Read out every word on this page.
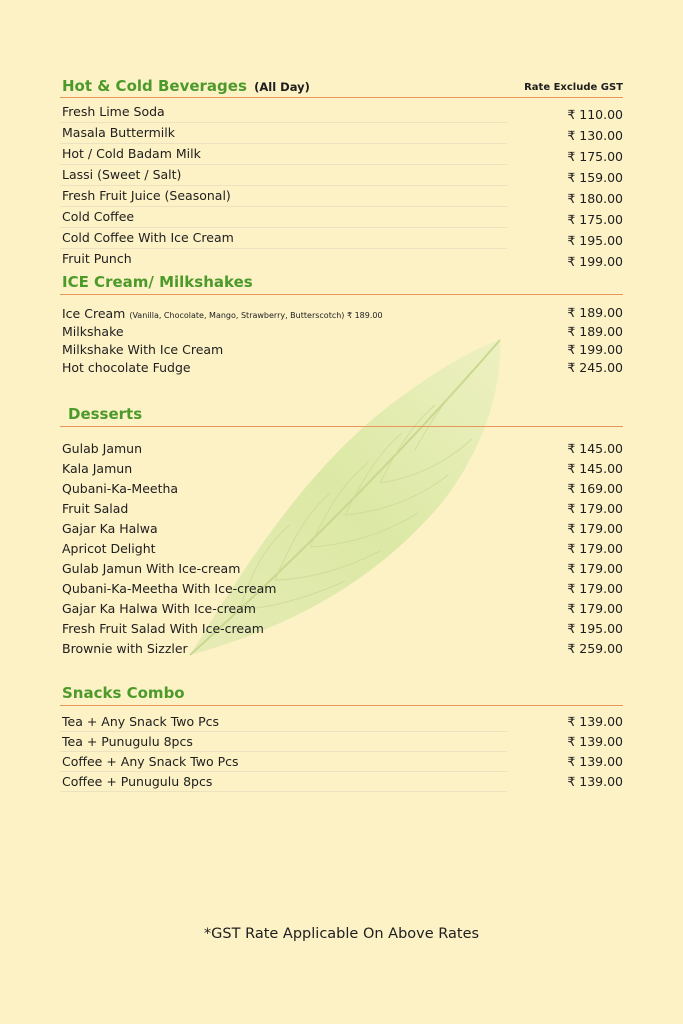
Hot & Cold Beverages (All Day)	Rate Exclude GST
Fresh Lime Soda	₹ 110.00
Masala Buttermilk	₹ 130.00
Hot / Cold Badam Milk	₹ 175.00
Lassi (Sweet / Salt)	₹ 159.00
Fresh Fruit Juice (Seasonal)	₹ 180.00
Cold Coffee	₹ 175.00
Cold Coffee With Ice Cream	₹ 195.00
Fruit Punch	₹ 199.00
ICE Cream/ Milkshakes
Ice Cream (Vanilla, Chocolate, Mango, Strawberry, Butterscotch) ₹ 189.00	₹ 189.00
Milkshake	₹ 189.00
Milkshake With Ice Cream	₹ 199.00
Hot chocolate Fudge	₹ 245.00
Desserts
Gulab Jamun	₹ 145.00
Kala Jamun	₹ 145.00
Qubani-Ka-Meetha	₹ 169.00
Fruit Salad	₹ 179.00
Gajar Ka Halwa	₹ 179.00
Apricot Delight	₹ 179.00
Gulab Jamun With Ice-cream	₹ 179.00
Qubani-Ka-Meetha With Ice-cream	₹ 179.00
Gajar Ka Halwa With Ice-cream	₹ 179.00
Fresh Fruit Salad With Ice-cream	₹ 195.00
Brownie with Sizzler	₹ 259.00
Snacks Combo
Tea + Any Snack Two Pcs	₹ 139.00
Tea + Punugulu 8pcs	₹ 139.00
Coffee + Any Snack Two Pcs	₹ 139.00
Coffee + Punugulu 8pcs	₹ 139.00
*GST Rate Applicable On Above Rates
